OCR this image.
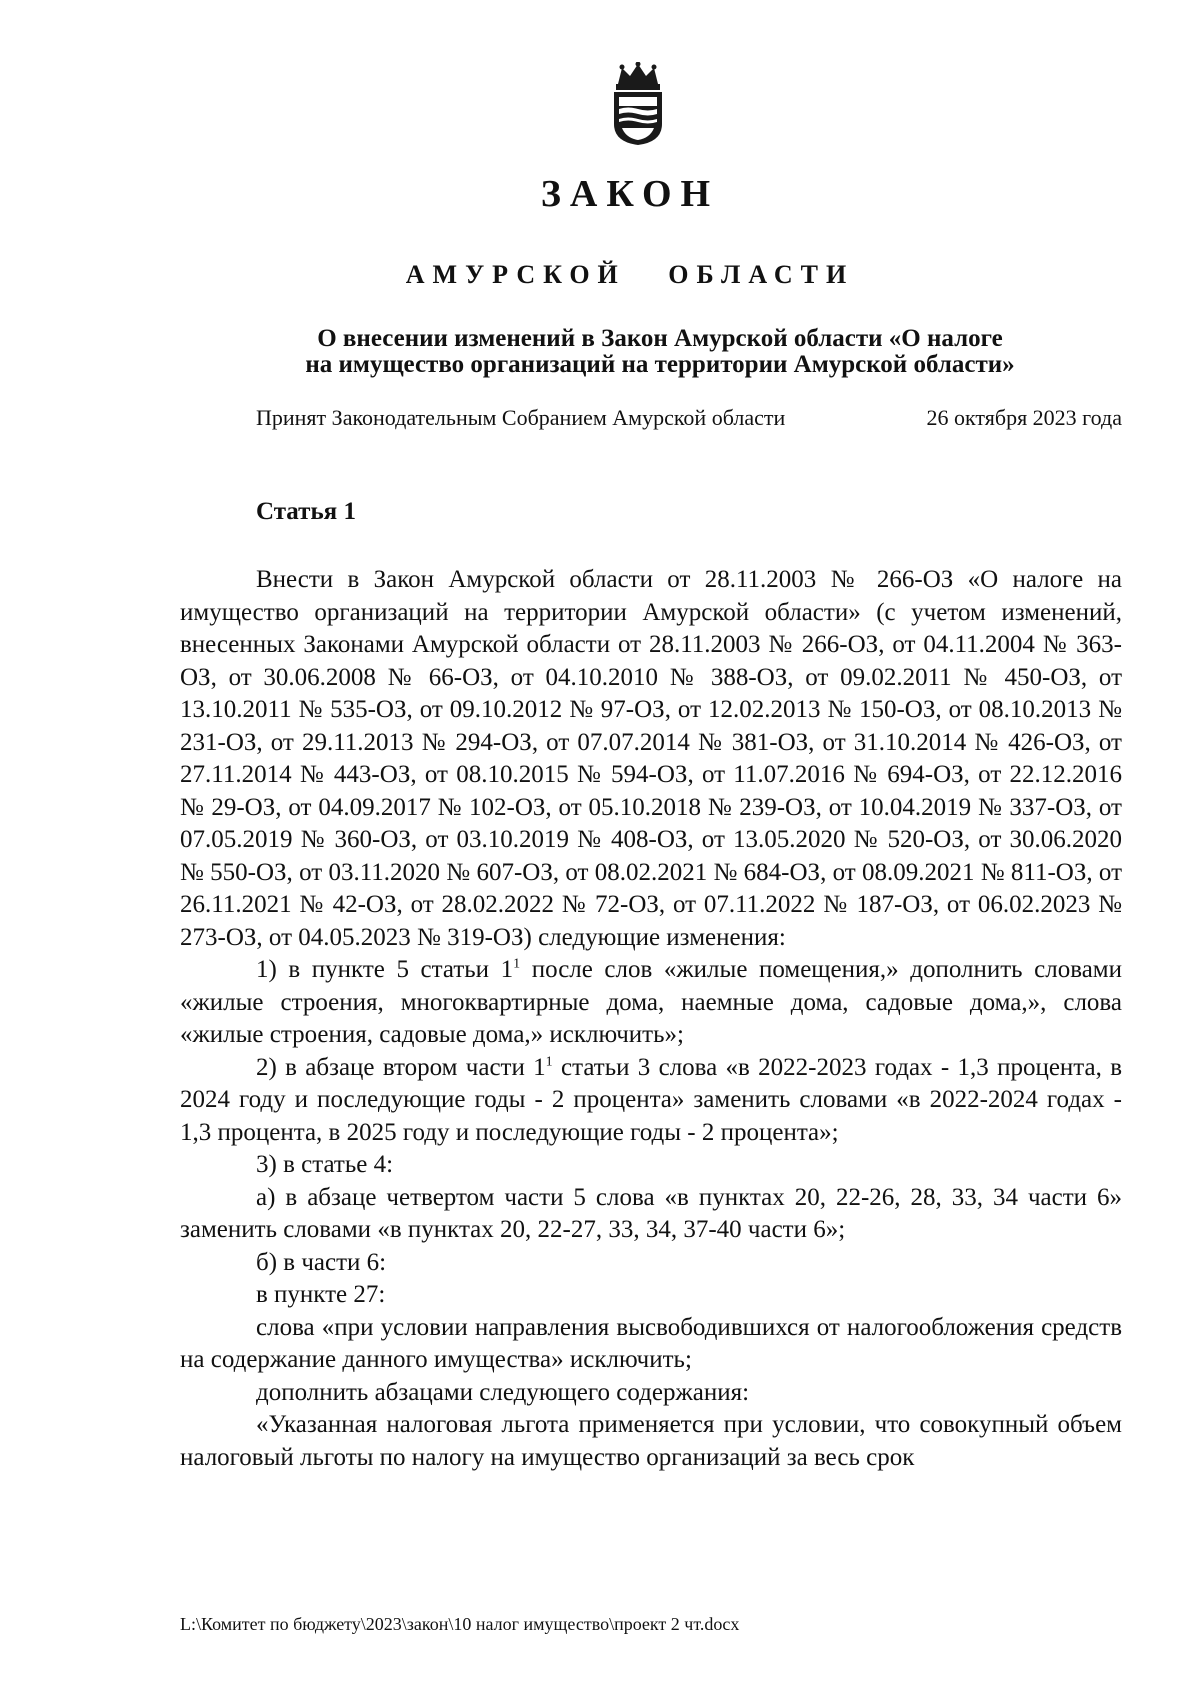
ЗАКОН
АМУРСКОЙ ОБЛАСТИ
О внесении изменений в Закон Амурской области «О налоге
на имущество организаций на территории Амурской области»
Принят Законодательным Собранием Амурской области	26 октября 2023 года
Статья 1

Внести в Закон Амурской области от 28.11.2003 № 266-ОЗ «О налоге на имущество организаций на территории Амурской области» (с учетом изменений, внесенных Законами Амурской области от 28.11.2003 № 266-ОЗ, от 04.11.2004 № 363-ОЗ, от 30.06.2008 № 66-ОЗ, от 04.10.2010 № 388-ОЗ, от 09.02.2011 № 450-ОЗ, от 13.10.2011 № 535-ОЗ, от 09.10.2012 № 97-ОЗ, от 12.02.2013 № 150-ОЗ, от 08.10.2013 № 231-ОЗ, от 29.11.2013 № 294-ОЗ, от 07.07.2014 № 381-ОЗ, от 31.10.2014 № 426-ОЗ, от 27.11.2014 № 443-ОЗ, от 08.10.2015 № 594-ОЗ, от 11.07.2016 № 694-ОЗ, от 22.12.2016 № 29-ОЗ, от 04.09.2017 № 102-ОЗ, от 05.10.2018 № 239-ОЗ, от 10.04.2019 № 337-ОЗ, от 07.05.2019 № 360-ОЗ, от 03.10.2019 № 408-ОЗ, от 13.05.2020 № 520-ОЗ, от 30.06.2020 № 550-ОЗ, от 03.11.2020 № 607-ОЗ, от 08.02.2021 № 684-ОЗ, от 08.09.2021 № 811-ОЗ, от 26.11.2021 № 42-ОЗ, от 28.02.2022 № 72-ОЗ, от 07.11.2022 № 187-ОЗ, от 06.02.2023 № 273-ОЗ, от 04.05.2023 № 319-ОЗ) следующие изменения:

1) в пункте 5 статьи $1^1$ после слов «жилые помещения,» дополнить словами «жилые строения, многоквартирные дома, наемные дома, садовые дома,», слова «жилые строения, садовые дома,» исключить»;

2) в абзаце втором части $1^1$ статьи 3 слова «в 2022-2023 годах - 1,3 процента, в 2024 году и последующие годы - 2 процента» заменить словами «в 2022-2024 годах - 1,3 процента, в 2025 году и последующие годы - 2 процента»;

3) в статье 4:

а) в абзаце четвертом части 5 слова «в пунктах 20, 22-26, 28, 33, 34 части 6» заменить словами «в пунктах 20, 22-27, 33, 34, 37-40 части 6»;

б) в части 6:

в пункте 27:

слова «при условии направления высвободившихся от налогообложения средств на содержание данного имущества» исключить;

дополнить абзацами следующего содержания:

«Указанная налоговая льгота применяется при условии, что совокупный объем налоговый льготы по налогу на имущество организаций за весь срок

L:\Комитет по бюджету\2023\закон\10 налог имущество\проект 2 чт.docx
